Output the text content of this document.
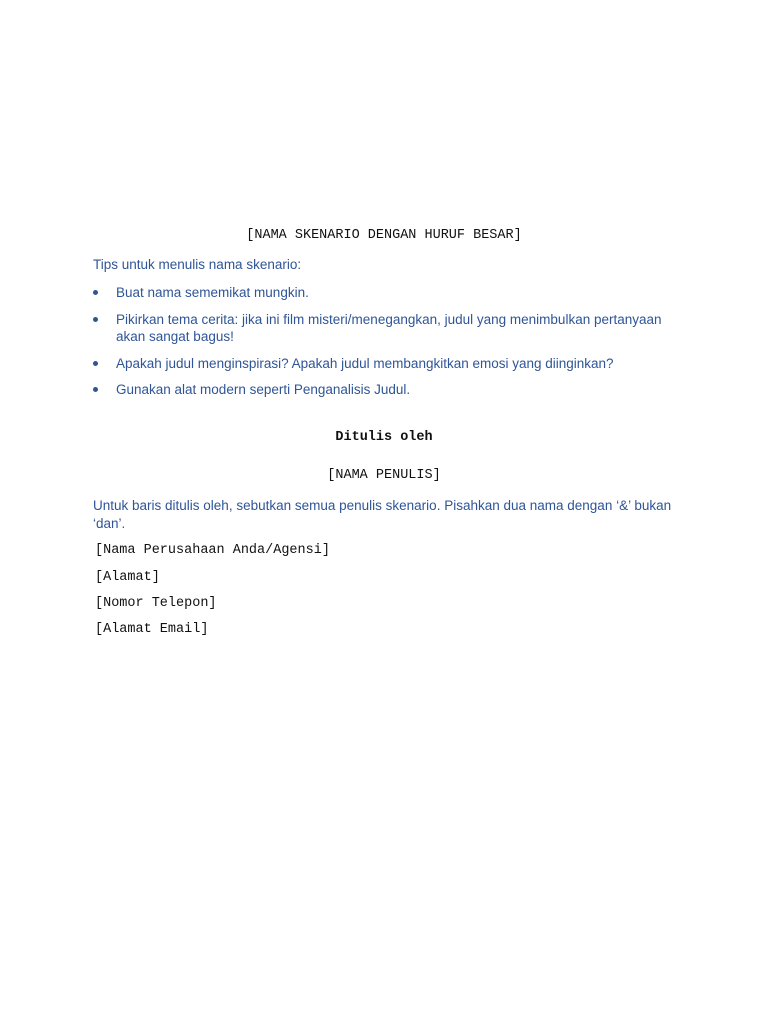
[NAMA SKENARIO DENGAN HURUF BESAR]
Tips untuk menulis nama skenario:
Buat nama sememikat mungkin.
Pikirkan tema cerita: jika ini film misteri/menegangkan, judul yang menimbulkan pertanyaan akan sangat bagus!
Apakah judul menginspirasi? Apakah judul membangkitkan emosi yang diinginkan?
Gunakan alat modern seperti Penganalisis Judul.
Ditulis oleh
[NAMA PENULIS]
Untuk baris ditulis oleh, sebutkan semua penulis skenario. Pisahkan dua nama dengan ‘&’ bukan ‘dan’.
[Nama Perusahaan Anda/Agensi]
[Alamat]
[Nomor Telepon]
[Alamat Email]
